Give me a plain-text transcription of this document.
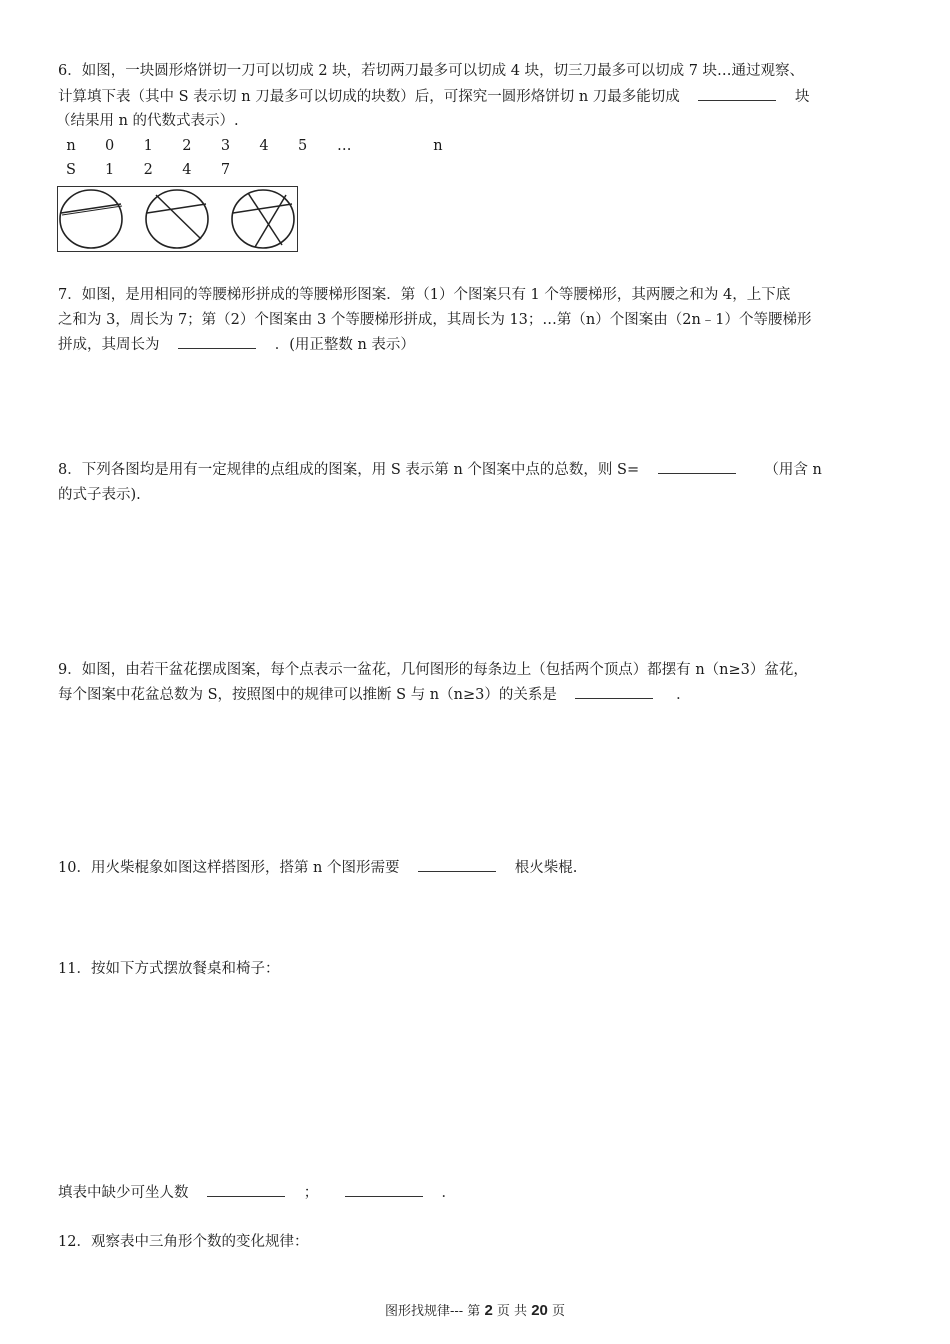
6．如图，一块圆形烙饼切一刀可以切成 2 块，若切两刀最多可以切成 4 块，切三刀最多可以切成 7 块…通过观察、
计算填下表（其中 S 表示切 n 刀最多可以切成的块数）后，可探究一圆形烙饼切 n 刀最多能切成	块
（结果用 n 的代数式表示）.
n 0 1 2 3 4 5 …	n
S 1 2 4 7
7．如图，是用相同的等腰梯形拼成的等腰梯形图案．第（1）个图案只有 1 个等腰梯形，其两腰之和为 4，上下底
之和为 3，周长为 7；第（2）个图案由 3 个等腰梯形拼成，其周长为 13；…第（n）个图案由（2n﹣1）个等腰梯形
拼成，其周长为	．(用正整数 n 表示）
8．下列各图均是用有一定规律的点组成的图案，用 S 表示第 n 个图案中点的总数，则 S=	（用含 n
的式子表示).
9．如图，由若干盆花摆成图案，每个点表示一盆花，几何图形的每条边上（包括两个顶点）都摆有 n（n≥3）盆花，
每个图案中花盆总数为 S，按照图中的规律可以推断 S 与 n（n≥3）的关系是	．
10．用火柴棍象如图这样搭图形，搭第 n 个图形需要	根火柴棍.
11．按如下方式摆放餐桌和椅子：
填表中缺少可坐人数	；	．
12．观察表中三角形个数的变化规律：
图形找规律--- 第 2 页 共 20 页
